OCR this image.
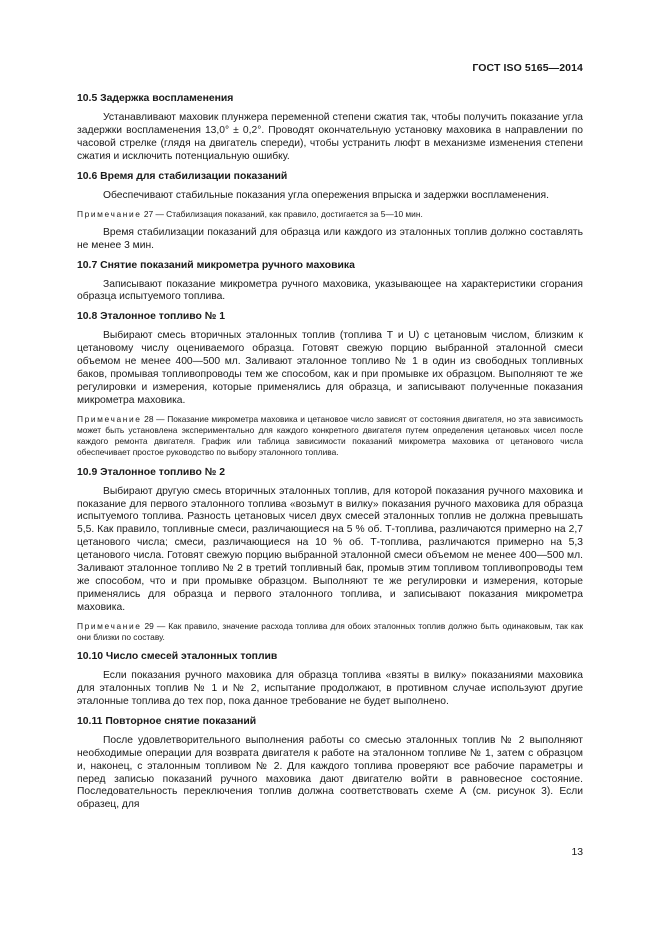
ГОСТ ISO 5165—2014
10.5 Задержка воспламенения
Устанавливают маховик плунжера переменной степени сжатия так, чтобы получить показание угла задержки воспламенения 13,0° ± 0,2°. Проводят окончательную установку маховика в направлении по часовой стрелке (глядя на двигатель спереди), чтобы устранить люфт в механизме изменения степени сжатия и исключить потенциальную ошибку.
10.6 Время для стабилизации показаний
Обеспечивают стабильные показания угла опережения впрыска и задержки воспламенения.
Примечание 27 — Стабилизация показаний, как правило, достигается за 5—10 мин.
Время стабилизации показаний для образца или каждого из эталонных топлив должно составлять не менее 3 мин.
10.7 Снятие показаний микрометра ручного маховика
Записывают показание микрометра ручного маховика, указывающее на характеристики сгорания образца испытуемого топлива.
10.8 Эталонное топливо № 1
Выбирают смесь вторичных эталонных топлив (топлива Т и U) с цетановым числом, близким к цетановому числу оцениваемого образца. Готовят свежую порцию выбранной эталонной смеси объемом не менее 400—500 мл. Заливают эталонное топливо № 1 в один из свободных топливных баков, промывая топливопроводы тем же способом, как и при промывке их образцом. Выполняют те же регулировки и измерения, которые применялись для образца, и записывают полученные показания микрометра маховика.
Примечание 28 — Показание микрометра маховика и цетановое число зависят от состояния двигателя, но эта зависимость может быть установлена экспериментально для каждого конкретного двигателя путем определения цетановых чисел после каждого ремонта двигателя. График или таблица зависимости показаний микрометра маховика от цетанового числа обеспечивает простое руководство по выбору эталонного топлива.
10.9 Эталонное топливо № 2
Выбирают другую смесь вторичных эталонных топлив, для которой показания ручного маховика и показание для первого эталонного топлива «возьмут в вилку» показания ручного маховика для образца испытуемого топлива. Разность цетановых чисел двух смесей эталонных топлив не должна превышать 5,5. Как правило, топливные смеси, различающиеся на 5 % об. Т-топлива, различаются примерно на 2,7 цетанового числа; смеси, различающиеся на 10 % об. Т-топлива, различаются примерно на 5,3 цетанового числа. Готовят свежую порцию выбранной эталонной смеси объемом не менее 400—500 мл. Заливают эталонное топливо № 2 в третий топливный бак, промыв этим топливом топливопроводы тем же способом, что и при промывке образцом. Выполняют те же регулировки и измерения, которые применялись для образца и первого эталонного топлива, и записывают показания микрометра маховика.
Примечание 29 — Как правило, значение расхода топлива для обоих эталонных топлив должно быть одинаковым, так как они близки по составу.
10.10 Число смесей эталонных топлив
Если показания ручного маховика для образца топлива «взяты в вилку» показаниями маховика для эталонных топлив № 1 и № 2, испытание продолжают, в противном случае используют другие эталонные топлива до тех пор, пока данное требование не будет выполнено.
10.11 Повторное снятие показаний
После удовлетворительного выполнения работы со смесью эталонных топлив № 2 выполняют необходимые операции для возврата двигателя к работе на эталонном топливе № 1, затем с образцом и, наконец, с эталонным топливом № 2. Для каждого топлива проверяют все рабочие параметры и перед записью показаний ручного маховика дают двигателю войти в равновесное состояние. Последовательность переключения топлив должна соответствовать схеме А (см. рисунок 3). Если образец, для
13
